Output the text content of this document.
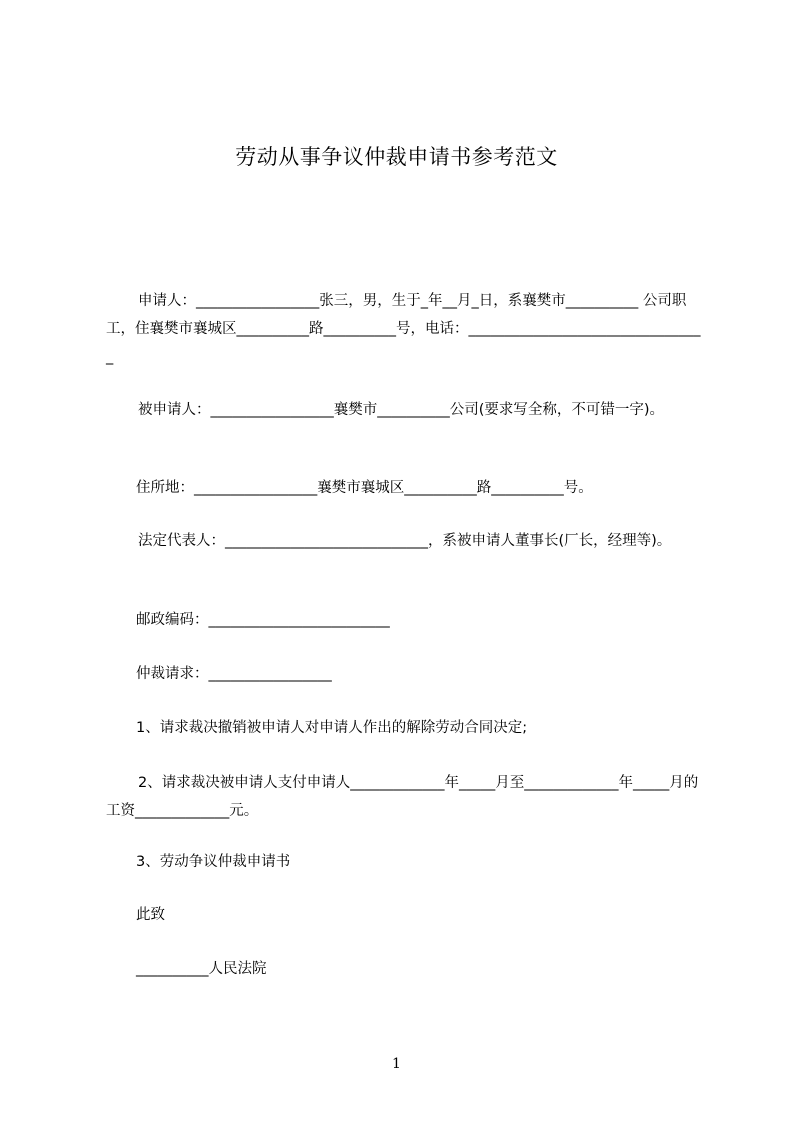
劳动从事争议仲裁申请书参考范文
申请人：_________________张三，男，生于_年__月_日，系襄樊市__________ 公司职工，住襄樊市襄城区__________路__________号，电话：_________________________________
被申请人：_________________襄樊市__________公司(要求写全称，不可错一字)。
住所地：_________________襄樊市襄城区__________路__________号。
法定代表人：____________________________，系被申请人董事长(厂长，经理等)。
邮政编码：_________________________
仲裁请求：_________________
1、请求裁决撤销被申请人对申请人作出的解除劳动合同决定;
2、请求裁决被申请人支付申请人_____________年_____月至_____________年_____月的工资_____________元。
3、劳动争议仲裁申请书
此致
__________人民法院
1
